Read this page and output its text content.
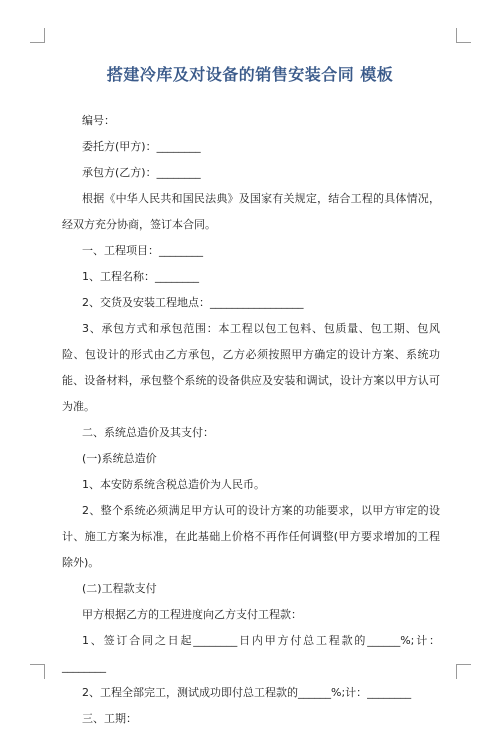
搭建冷库及对设备的销售安装合同 模板

编号：

委托方(甲方)：________

承包方(乙方)：________

根据《中华人民共和国民法典》及国家有关规定，结合工程的具体情况，经双方充分协商，签订本合同。

一、工程项目：________

1、工程名称：________

2、交货及安装工程地点：_________________

3、承包方式和承包范围：本工程以包工包料、包质量、包工期、包风险、包设计的形式由乙方承包，乙方必须按照甲方确定的设计方案、系统功能、设备材料，承包整个系统的设备供应及安装和调试，设计方案以甲方认可为准。

二、系统总造价及其支付：

(一)系统总造价

1、本安防系统含税总造价为人民币。

2、整个系统必须满足甲方认可的设计方案的功能要求，以甲方审定的设计、施工方案为标准，在此基础上价格不再作任何调整(甲方要求增加的工程除外)。

(二)工程款支付

甲方根据乙方的工程进度向乙方支付工程款：

1、签订合同之日起________日内甲方付总工程款的______%;计：________

2、工程全部完工，测试成功即付总工程款的______%;计：________

三、工期：
